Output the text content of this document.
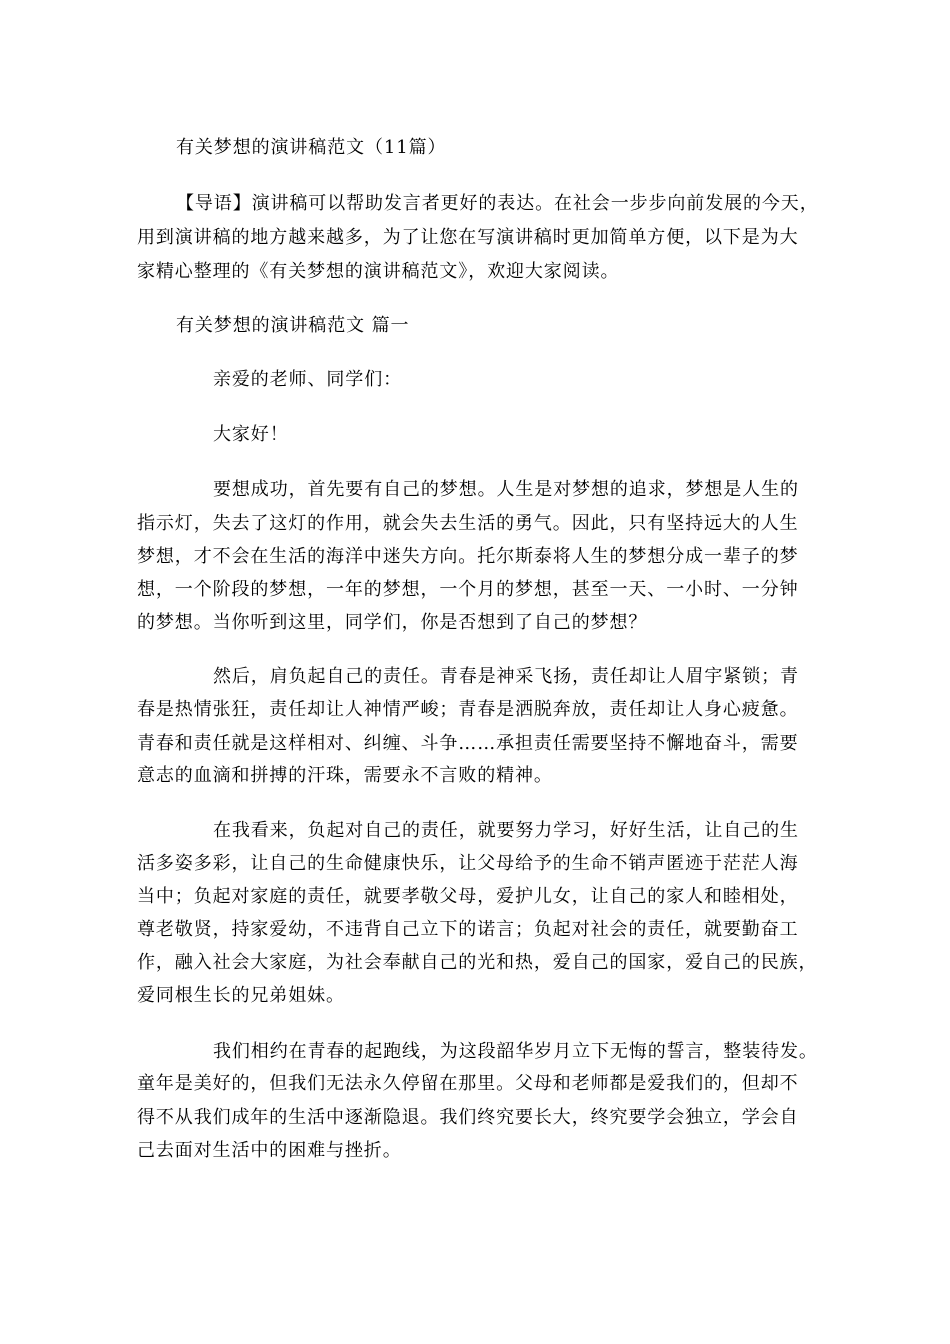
有关梦想的演讲稿范文（11篇）
【导语】演讲稿可以帮助发言者更好的表达。在社会一步步向前发展的今天，
用到演讲稿的地方越来越多，为了让您在写演讲稿时更加简单方便，以下是为大
家精心整理的《有关梦想的演讲稿范文》，欢迎大家阅读。
有关梦想的演讲稿范文 篇一
亲爱的老师、同学们：
大家好！
要想成功，首先要有自己的梦想。人生是对梦想的追求，梦想是人生的
指示灯，失去了这灯的作用，就会失去生活的勇气。因此，只有坚持远大的人生
梦想，才不会在生活的海洋中迷失方向。托尔斯泰将人生的梦想分成一辈子的梦
想，一个阶段的梦想，一年的梦想，一个月的梦想，甚至一天、一小时、一分钟
的梦想。当你听到这里，同学们，你是否想到了自己的梦想？
然后，肩负起自己的责任。青春是神采飞扬，责任却让人眉宇紧锁；青
春是热情张狂，责任却让人神情严峻；青春是洒脱奔放，责任却让人身心疲惫。
青春和责任就是这样相对、纠缠、斗争……承担责任需要坚持不懈地奋斗，需要
意志的血滴和拼搏的汗珠，需要永不言败的精神。
在我看来，负起对自己的责任，就要努力学习，好好生活，让自己的生
活多姿多彩，让自己的生命健康快乐，让父母给予的生命不销声匿迹于茫茫人海
当中；负起对家庭的责任，就要孝敬父母，爱护儿女，让自己的家人和睦相处，
尊老敬贤，持家爱幼，不违背自己立下的诺言；负起对社会的责任，就要勤奋工
作，融入社会大家庭，为社会奉献自己的光和热，爱自己的国家，爱自己的民族，
爱同根生长的兄弟姐妹。
我们相约在青春的起跑线，为这段韶华岁月立下无悔的誓言，整装待发。
童年是美好的，但我们无法永久停留在那里。父母和老师都是爱我们的，但却不
得不从我们成年的生活中逐渐隐退。我们终究要长大，终究要学会独立，学会自
己去面对生活中的困难与挫折。
